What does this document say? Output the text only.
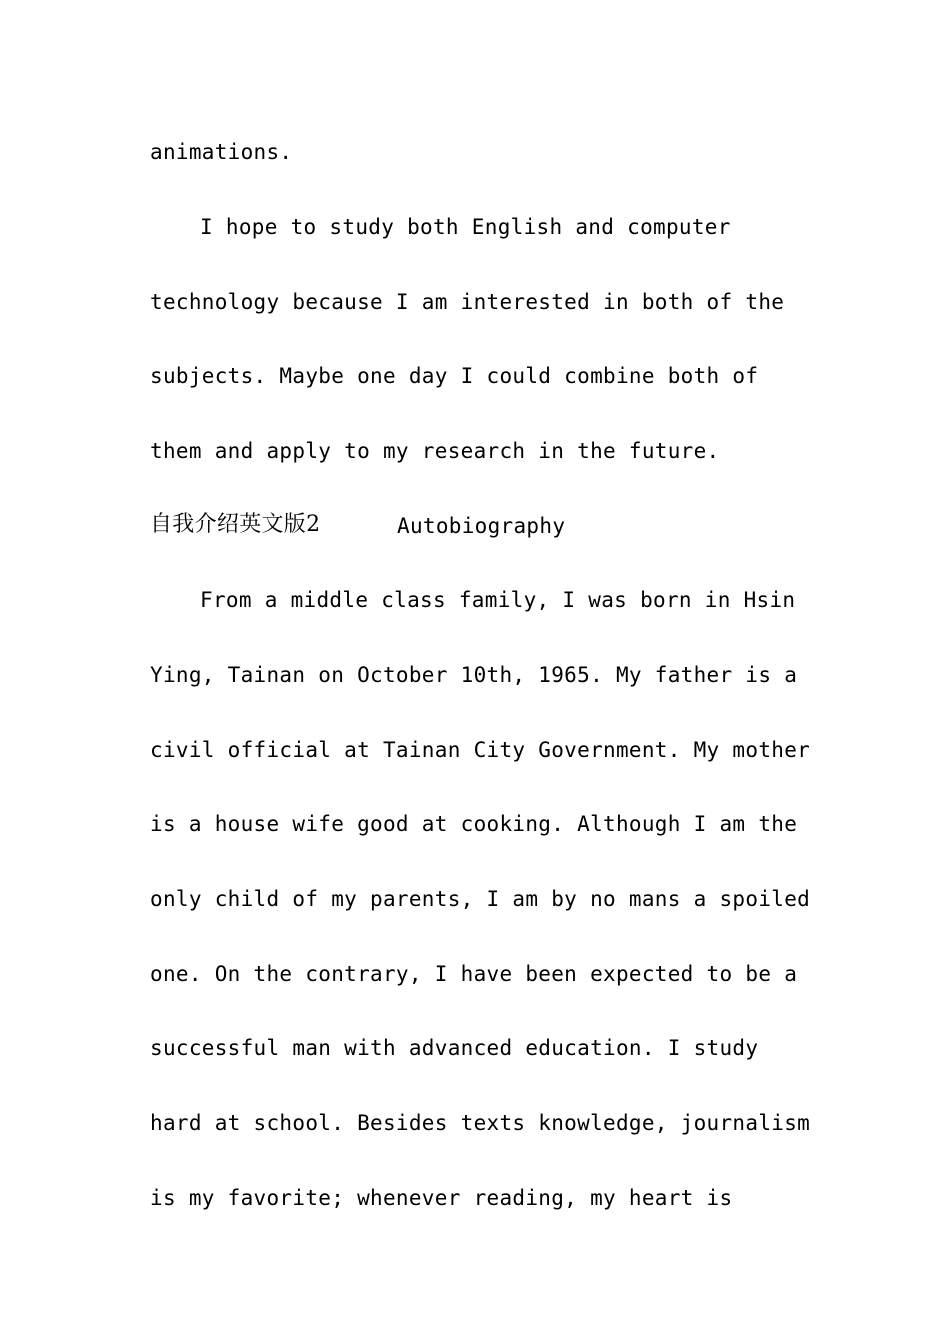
animations.
I hope to study both English and computer
technology because I am interested in both of the
subjects. Maybe one day I could combine both of
them and apply to my research in the future.
自我介绍英文版2	Autobiography
From a middle class family, I was born in Hsin
Ying, Tainan on October 10th, 1965. My father is a
civil official at Tainan City Government. My mother
is a house wife good at cooking. Although I am the
only child of my parents, I am by no mans a spoiled
one. On the contrary, I have been expected to be a
successful man with advanced education. I study
hard at school. Besides texts knowledge, journalism
is my favorite; whenever reading, my heart is
